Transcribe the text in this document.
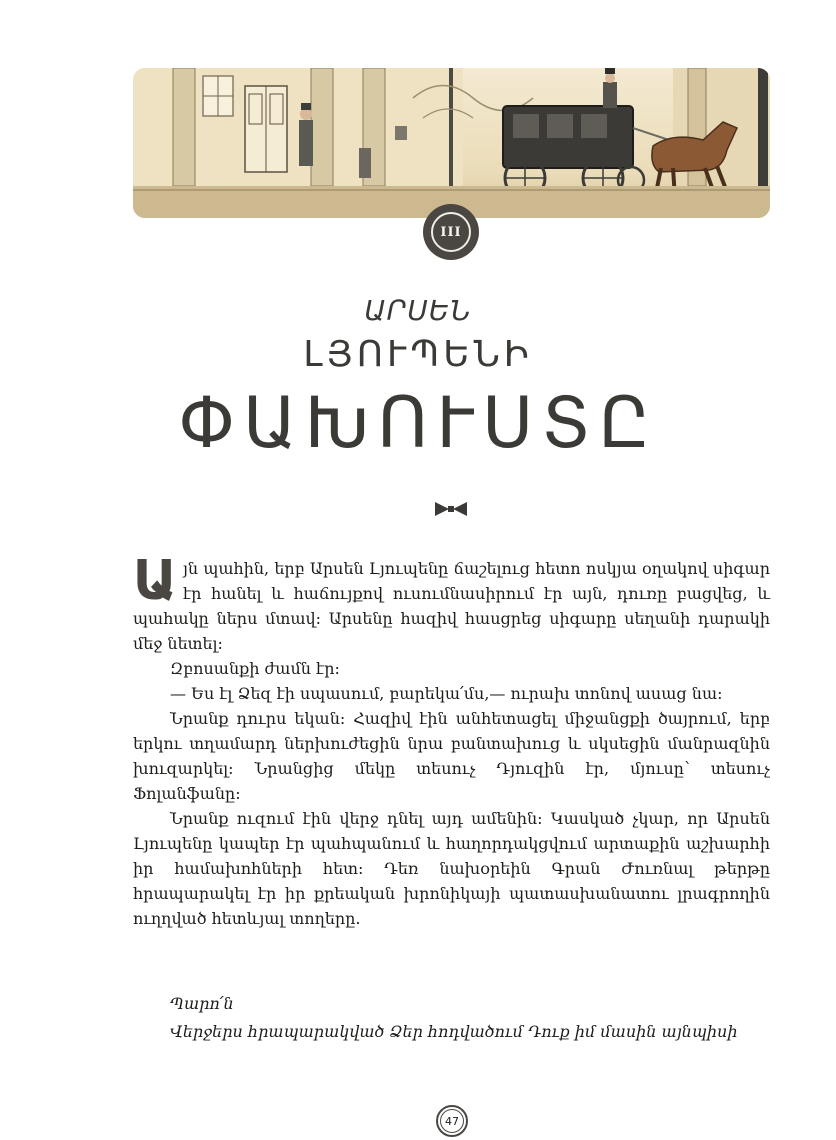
III
ԱՐՍԵՆ
ԼՅՈՒՊԵՆԻ
ՓԱԽՈՒՍՏԸ

Այն պահին, երբ Արսեն Լյուպենը ճաշելուց հետո ոսկյա օղակով սիգար էր հանել և հաճույքով ուսումնասիրում էր այն, դուռը բացվեց, և պահակը ներս մտավ: Արսենը հազիվ հասցրեց սիգարը սեղանի դարակի մեջ նետել:

Զբոսանքի ժամն էր:

— Ես էլ Ձեզ էի սպասում, բարեկա՛մս,— ուրախ տոնով ասաց նա:

Նրանք դուրս եկան: Հազիվ էին անհետացել միջանցքի ծայրում, երբ երկու տղամարդ ներխուժեցին նրա բանտախուց և սկսեցին մանրազնին խուզարկել: Նրանցից մեկը տեսուչ Դյուզին էր, մյուսը՝ տեսուչ Ֆոլանֆանը:

Նրանք ուզում էին վերջ դնել այդ ամենին: Կասկած չկար, որ Արսեն Լյուպենը կապեր էր պահպանում և հաղորդակցվում արտաքին աշխարհի իր համախոհների հետ: Դեռ նախօրեին Գրան Ժուռնալ թերթը հրապարակել էր իր քրեական խրոնիկայի պատասխանատու լրագրողին ուղղված հետևյալ տողերը.

Պարո՛ն
Վերջերս հրապարակված Ձեր հոդվածում Դուք իմ մասին այնպիսի
47
